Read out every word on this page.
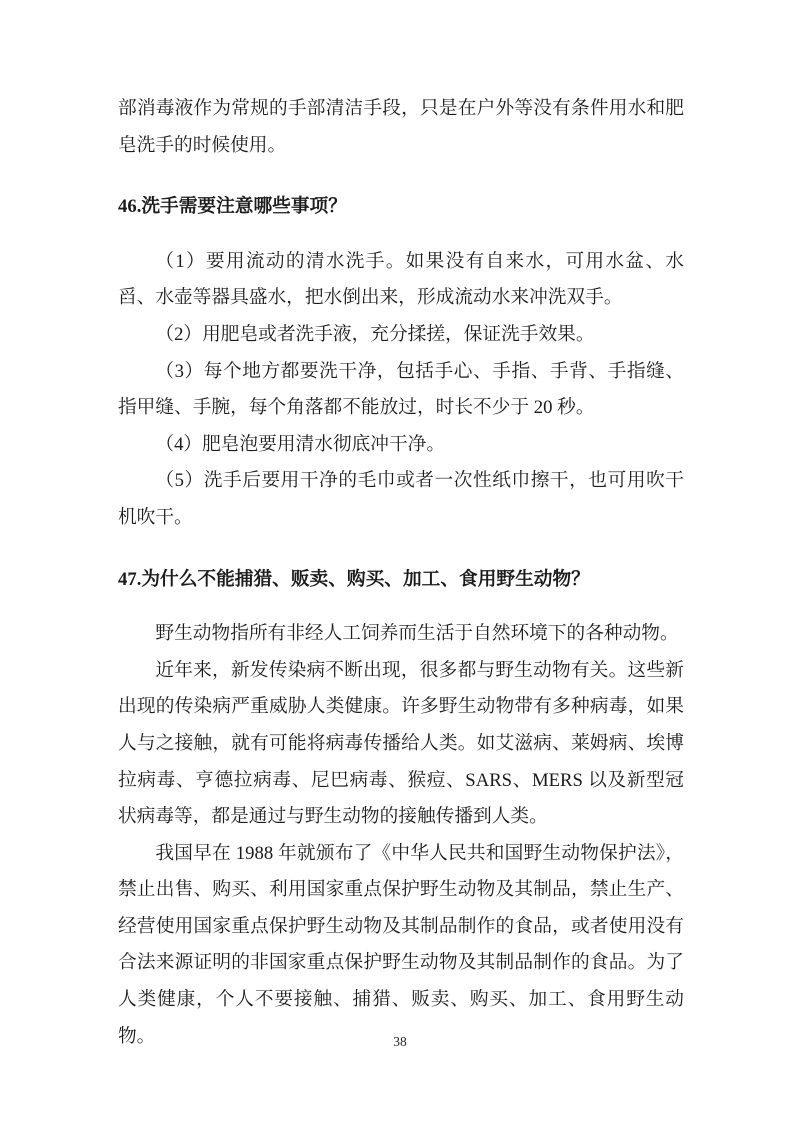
部消毒液作为常规的手部清洁手段，只是在户外等没有条件用水和肥皂洗手的时候使用。

46.洗手需要注意哪些事项？

（1）要用流动的清水洗手。如果没有自来水，可用水盆、水舀、水壶等器具盛水，把水倒出来，形成流动水来冲洗双手。

（2）用肥皂或者洗手液，充分揉搓，保证洗手效果。

（3）每个地方都要洗干净，包括手心、手指、手背、手指缝、指甲缝、手腕，每个角落都不能放过，时长不少于 20 秒。

（4）肥皂泡要用清水彻底冲干净。

（5）洗手后要用干净的毛巾或者一次性纸巾擦干，也可用吹干机吹干。

47.为什么不能捕猎、贩卖、购买、加工、食用野生动物？

野生动物指所有非经人工饲养而生活于自然环境下的各种动物。

近年来，新发传染病不断出现，很多都与野生动物有关。这些新出现的传染病严重威胁人类健康。许多野生动物带有多种病毒，如果人与之接触，就有可能将病毒传播给人类。如艾滋病、莱姆病、埃博拉病毒、亨德拉病毒、尼巴病毒、猴痘、SARS、MERS 以及新型冠状病毒等，都是通过与野生动物的接触传播到人类。

我国早在 1988 年就颁布了《中华人民共和国野生动物保护法》，禁止出售、购买、利用国家重点保护野生动物及其制品，禁止生产、经营使用国家重点保护野生动物及其制品制作的食品，或者使用没有合法来源证明的非国家重点保护野生动物及其制品制作的食品。为了人类健康，个人不要接触、捕猎、贩卖、购买、加工、食用野生动物。	38
